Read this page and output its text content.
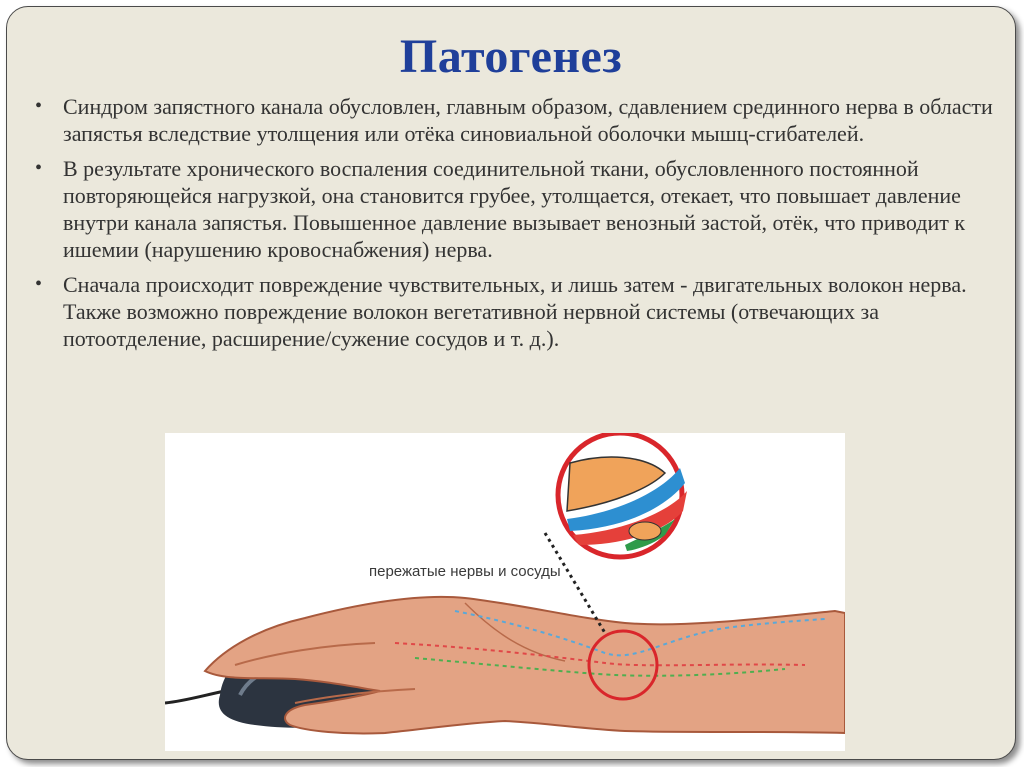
Патогенез
• Синдром запястного канала обусловлен, главным образом, сдавлением срединного нерва в области запястья вследствие утолщения или отёка синовиальной оболочки мышц-сгибателей.
• В результате хронического воспаления соединительной ткани, обусловленного постоянной повторяющейся нагрузкой, она становится грубее, утолщается, отекает, что повышает давление внутри канала запястья. Повышенное давление вызывает венозный застой, отёк, что приводит к ишемии (нарушению кровоснабжения) нерва.
• Сначала происходит повреждение чувствительных, и лишь затем - двигательных волокон нерва. Также возможно повреждение волокон вегетативной нервной системы (отвечающих за потоотделение, расширение/сужение сосудов и т. д.).
пережатые нервы и сосуды
